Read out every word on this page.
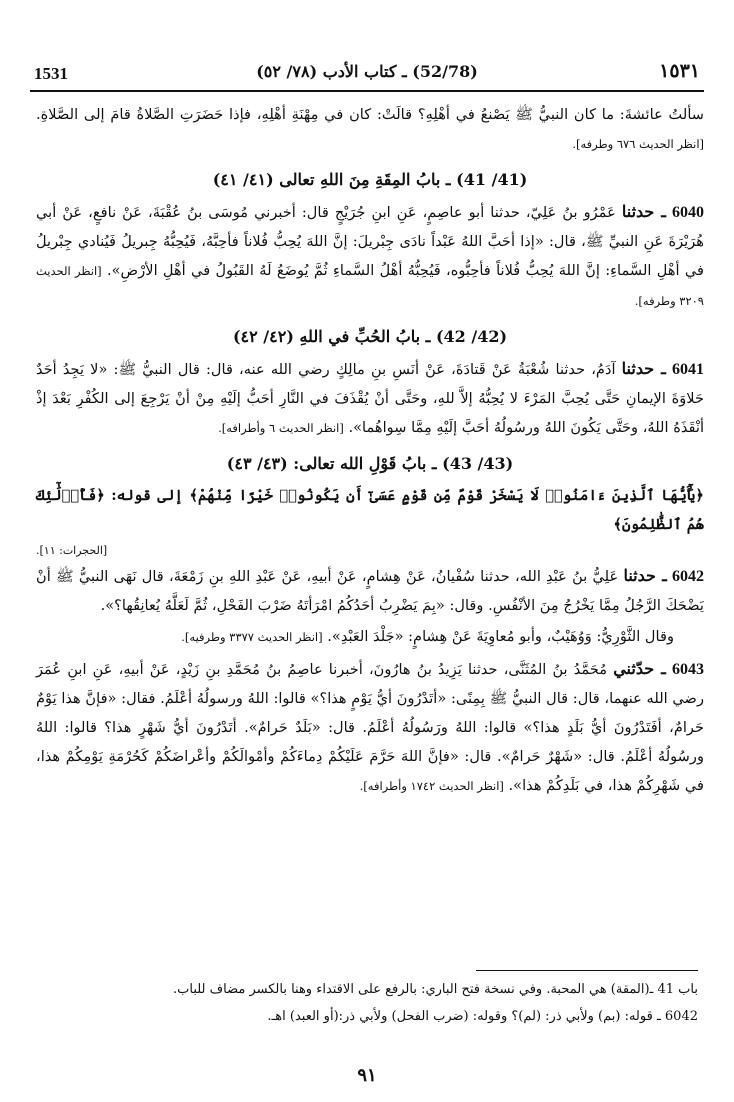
1531	(52/78) ـ كتاب الأدب (٧٨/ ٥٢)	١٥٣١

سألتُ عائشةَ: ما كان النبيُّ ﷺ يَصْنعُ في أهْلِهِ؟ قالَتْ: كان في مِهْنَةِ أهْلِهِ، فإذا حَضَرَتِ الصَّلاةُ قامَ إلى الصَّلاةِ. [انظر الحديث ٦٧٦ وطرفه].

(41/ 41) ـ بابُ المِقَةِ مِنَ اللهِ تعالى (٤١/ ٤١)

6040 ـ حدثنا عَمْرُو بنُ عَلِيّ، حدثنا أبو عاصِمٍ، عَنِ ابنِ جُرَيْجٍ قال: أخبرني مُوسَى بنُ عُقْبَةَ، عَنْ نافعٍ، عَنْ أبي هُرَيْرَةَ عَنِ النبيِّ ﷺ، قال: «إذا أحَبَّ اللهُ عَبْداً نادَى جِبْريلَ: إنَّ اللهَ يُحِبُّ فُلاناً فأحِبَّهُ، فَيُحِبُّهُ جِبريلُ فَيُنادي جِبْريلُ في أهْلِ السَّماءِ: إنَّ اللهَ يُحِبُّ فُلاناً فأحِبُّوه، فَيُحِبُّهُ أهْلُ السَّماءِ ثُمَّ يُوضَعُ لَهُ القَبُولُ في أهْلِ الأرْضِ». [انظر الحديث ٣٢٠٩ وطرفه].

(42/ 42) ـ بابُ الحُبِّ في اللهِ (٤٢/ ٤٢)

6041 ـ حدثنا آدَمُ، حدثنا شُعْبَةُ عَنْ قَتادَةَ، عَنْ أنَسِ بنِ مالِكٍ رضي الله عنه، قال: قال النبيُّ ﷺ: «لا يَجِدُ أحَدٌ حَلاوَةَ الإيمانِ حَتَّى يُحِبَّ المَرْءَ لا يُحِبُّهُ إلاَّ للهِ، وحَتَّى أنْ يُقْذَفَ في النَّارِ أحَبُّ إلَيْهِ مِنْ أنْ يَرْجِعَ إلى الكُفْرِ بَعْدَ إذْ أنْقَذَهُ اللهُ، وحَتَّى يَكُونَ اللهُ ورسُولُهُ أحَبَّ إلَيْهِ مِمَّا سِواهُما». [انظر الحديث ٦ وأطرافه].

(43/ 43) ـ بابُ قَوْلِ الله تعالى: (٤٣/ ٤٣)

﴿يَٰٓأَيُّهَا ٱلَّذِينَ ءَامَنُوا۟ لَا يَسْخَرْ قَوْمٌ مِّن قَوْمٍ عَسَىٰٓ أَن يَكُونُوا۟ خَيْرًا مِّنْهُمْ﴾ إلى قوله: ﴿فَأُو۟لَٰٓئِكَ هُمُ ٱلظَّٰلِمُونَ﴾

[الحجرات: ١١].

6042 ـ حدثنا عَلِيُّ بنُ عَبْدِ الله، حدثنا سُفْيانُ، عَنْ هِشامٍ، عَنْ أبيهِ، عَنْ عَبْدِ اللهِ بنِ زَمْعَةَ، قال نَهَى النبيُّ ﷺ أنْ يَضْحَكَ الرَّجُلُ مِمَّا يَخْرُجُ مِنَ الأنْفُسِ. وقال: «بِمَ يَضْرِبُ أحَدُكُمُ امْرَأتَهُ ضَرْبَ الفَحْلِ، ثُمَّ لَعَلَّهُ يُعانِقُها؟».

وقال الثَّوْرِيُّ: وَوُهَيْبٌ، وأبو مُعاوِيَةَ عَنْ هِشامٍ: «جَلْدَ العَبْدِ». [انظر الحديث ٣٣٧٧ وطرفيه].

6043 ـ حدّثني مُحَمَّدُ بنُ المُثَنَّى، حدثنا يَزِيدُ بنُ هارُونَ، أخبرنا عاصِمُ بنُ مُحَمَّدِ بنِ زَيْدٍ، عَنْ أبيهِ، عَنِ ابنِ عُمَرَ رضي الله عنهما، قال: قال النبيُّ ﷺ بِمِنًى: «أتَدْرُونَ أيُّ يَوْمٍ هذا؟» قالوا: اللهُ ورسولُهُ أعْلَمُ. فقال: «فإنَّ هذا يَوْمٌ حَرامٌ، أفَتَدْرُونَ أيُّ بَلَدٍ هذا؟» قالوا: اللهُ ورَسُولُهُ أعْلَمُ. قال: «بَلَدٌ حَرامٌ». أتَدْرُونَ أيُّ شَهْرٍ هذا؟ قالوا: اللهُ ورسُولُهُ أعْلَمُ. قال: «شَهْرٌ حَرامٌ». قال: «فإنَّ اللهَ حَرَّمَ عَلَيْكُمْ دِماءَكُمْ وأمْوالَكُمْ وأعْراضَكُمْ كَحُرْمَةِ يَوْمِكُمْ هذا، في شَهْرِكُمْ هذا، في بَلَدِكُمْ هذا». [انظر الحديث ١٧٤٢ وأطرافه].

باب 41 ـ(المقة) هي المحبة. وفي نسخة فتح الباري: بالرفع على الاقتداء وهنا بالكسر مضاف للباب.

6042 ـ قوله: (بم) ولأبي ذر: (لم)؟ وقوله: (ضرب الفحل) ولأبي ذر:(أو العبد) اهـ.

٩١
